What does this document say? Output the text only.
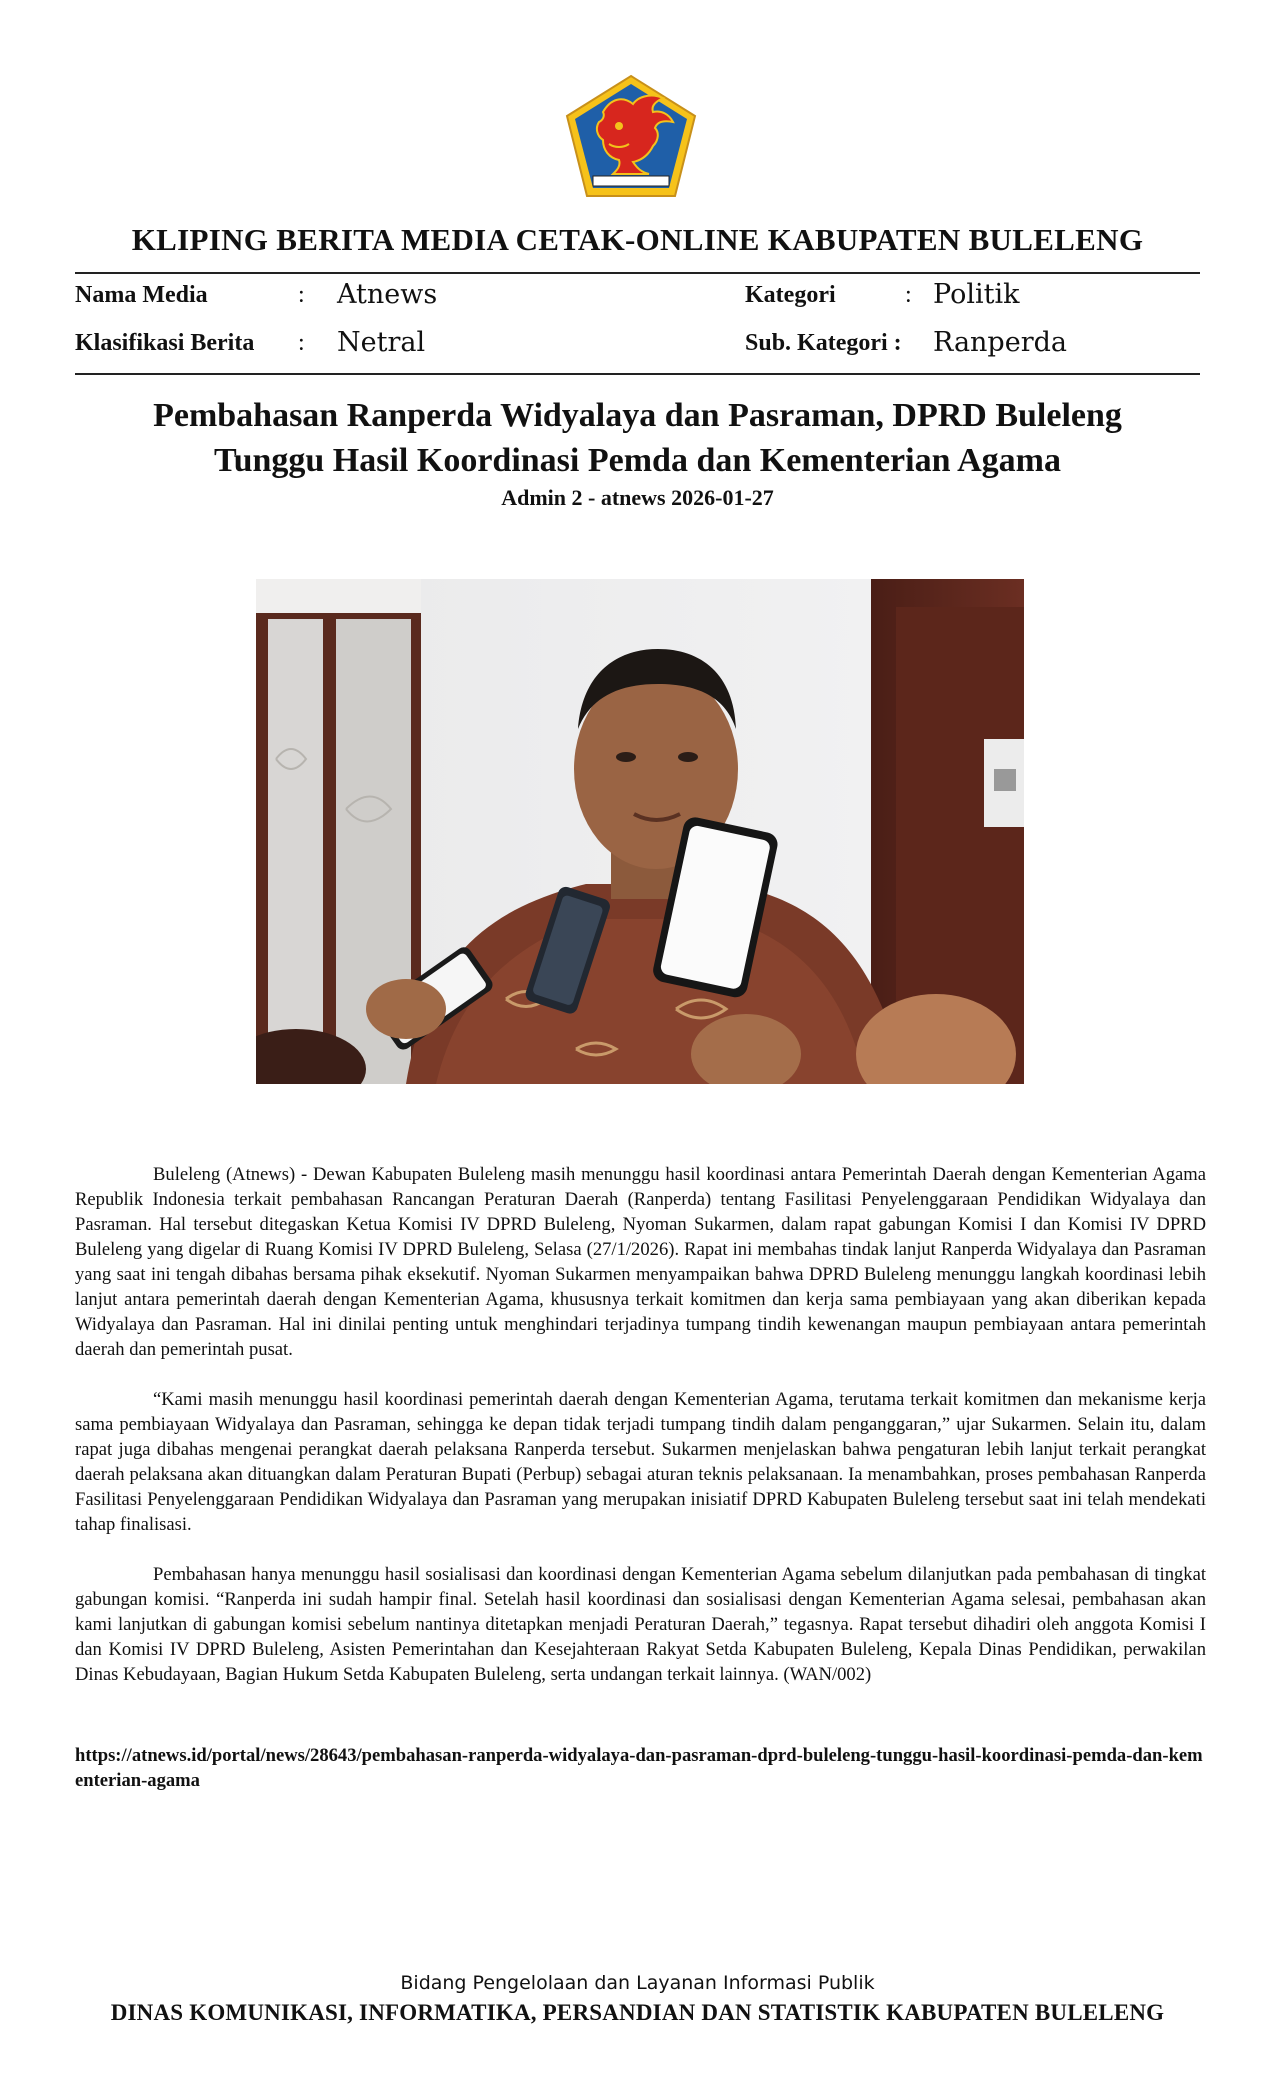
KLIPING BERITA MEDIA CETAK-ONLINE KABUPATEN BULELENG
Nama Media	: Atnews	Kategori	: Politik
Klasifikasi Berita : Netral	Sub. Kategori : Ranperda
Pembahasan Ranperda Widyalaya dan Pasraman, DPRD Buleleng
Tunggu Hasil Koordinasi Pemda dan Kementerian Agama
Admin 2 - atnews 2026-01-27

Buleleng (Atnews) - Dewan Kabupaten Buleleng masih menunggu hasil koordinasi antara Pemerintah Daerah dengan Kementerian Agama Republik Indonesia terkait pembahasan Rancangan Peraturan Daerah (Ranperda) tentang Fasilitasi Penyelenggaraan Pendidikan Widyalaya dan Pasraman. Hal tersebut ditegaskan Ketua Komisi IV DPRD Buleleng, Nyoman Sukarmen, dalam rapat gabungan Komisi I dan Komisi IV DPRD Buleleng yang digelar di Ruang Komisi IV DPRD Buleleng, Selasa (27/1/2026). Rapat ini membahas tindak lanjut Ranperda Widyalaya dan Pasraman yang saat ini tengah dibahas bersama pihak eksekutif. Nyoman Sukarmen menyampaikan bahwa DPRD Buleleng menunggu langkah koordinasi lebih lanjut antara pemerintah daerah dengan Kementerian Agama, khususnya terkait komitmen dan kerja sama pembiayaan yang akan diberikan kepada Widyalaya dan Pasraman. Hal ini dinilai penting untuk menghindari terjadinya tumpang tindih kewenangan maupun pembiayaan antara pemerintah daerah dan pemerintah pusat.

“Kami masih menunggu hasil koordinasi pemerintah daerah dengan Kementerian Agama, terutama terkait komitmen dan mekanisme kerja sama pembiayaan Widyalaya dan Pasraman, sehingga ke depan tidak terjadi tumpang tindih dalam penganggaran,” ujar Sukarmen. Selain itu, dalam rapat juga dibahas mengenai perangkat daerah pelaksana Ranperda tersebut. Sukarmen menjelaskan bahwa pengaturan lebih lanjut terkait perangkat daerah pelaksana akan dituangkan dalam Peraturan Bupati (Perbup) sebagai aturan teknis pelaksanaan. Ia menambahkan, proses pembahasan Ranperda Fasilitasi Penyelenggaraan Pendidikan Widyalaya dan Pasraman yang merupakan inisiatif DPRD Kabupaten Buleleng tersebut saat ini telah mendekati tahap finalisasi.

Pembahasan hanya menunggu hasil sosialisasi dan koordinasi dengan Kementerian Agama sebelum dilanjutkan pada pembahasan di tingkat gabungan komisi. “Ranperda ini sudah hampir final. Setelah hasil koordinasi dan sosialisasi dengan Kementerian Agama selesai, pembahasan akan kami lanjutkan di gabungan komisi sebelum nantinya ditetapkan menjadi Peraturan Daerah,” tegasnya. Rapat tersebut dihadiri oleh anggota Komisi I dan Komisi IV DPRD Buleleng, Asisten Pemerintahan dan Kesejahteraan Rakyat Setda Kabupaten Buleleng, Kepala Dinas Pendidikan, perwakilan Dinas Kebudayaan, Bagian Hukum Setda Kabupaten Buleleng, serta undangan terkait lainnya. (WAN/002)

https://atnews.id/portal/news/28643/pembahasan-ranperda-widyalaya-dan-pasraman-dprd-buleleng-tunggu-hasil-koordinasi-pemda-dan-kementerian-agama
Bidang Pengelolaan dan Layanan Informasi Publik
DINAS KOMUNIKASI, INFORMATIKA, PERSANDIAN DAN STATISTIK KABUPATEN BULELENG
